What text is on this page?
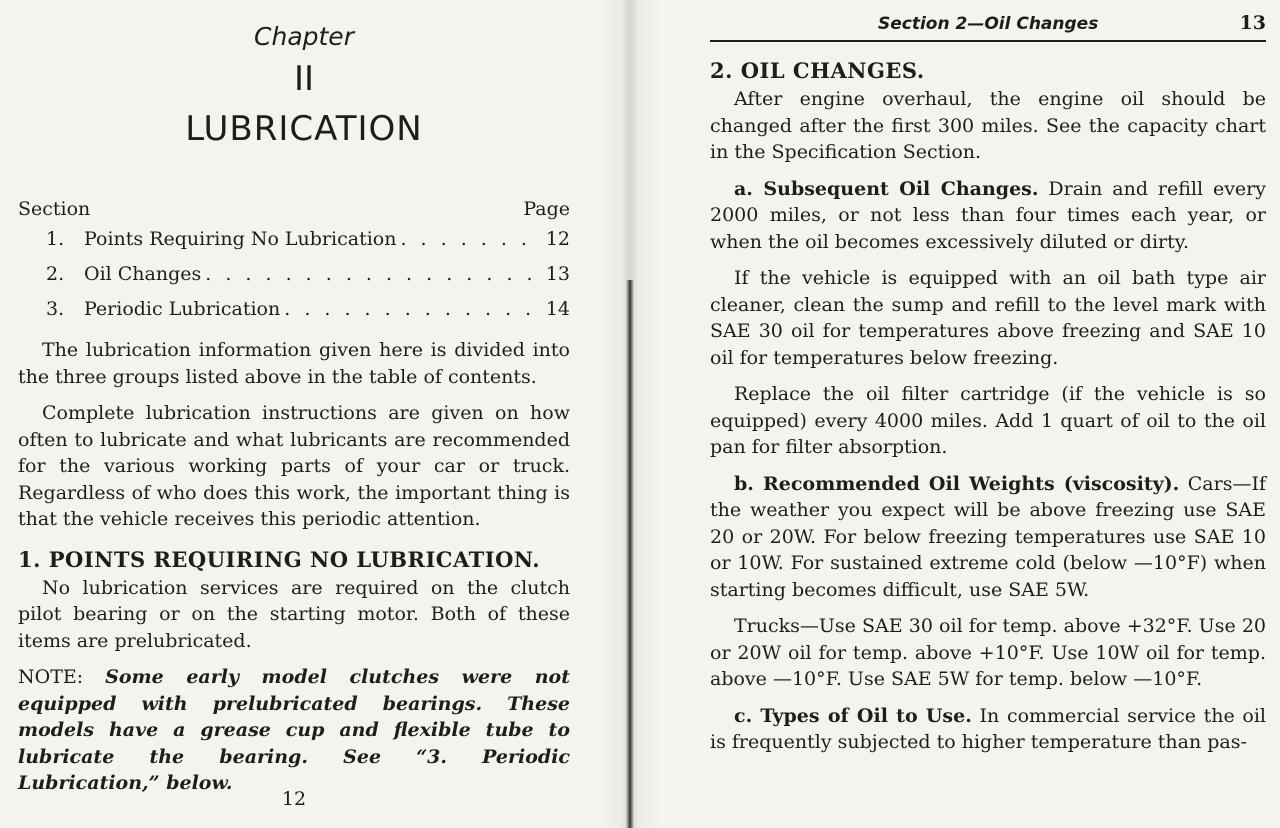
Chapter
II
LUBRICATION
Section	Page
1.	Points Requiring No Lubrication . . .	12
2.	Oil Changes . . .	13
3.	Periodic Lubrication . . .	14

The lubrication information given here is divided into the three groups listed above in the table of contents.

Complete lubrication instructions are given on how often to lubricate and what lubricants are recommended for the various working parts of your car or truck. Regardless of who does this work, the important thing is that the vehicle receives this periodic attention.

1. POINTS REQUIRING NO LUBRICATION.

No lubrication services are required on the clutch pilot bearing or on the starting motor. Both of these items are prelubricated.

NOTE: Some early model clutches were not equipped with prelubricated bearings. These models have a grease cup and flexible tube to lubricate the bearing. See “3. Periodic Lubrication,” below.

12
Section 2—Oil Changes	13
2. OIL CHANGES.

After engine overhaul, the engine oil should be changed after the first 300 miles. See the capacity chart in the Specification Section.

a. Subsequent Oil Changes. Drain and refill every 2000 miles, or not less than four times each year, or when the oil becomes excessively diluted or dirty.

If the vehicle is equipped with an oil bath type air cleaner, clean the sump and refill to the level mark with SAE 30 oil for temperatures above freezing and SAE 10 oil for temperatures below freezing.

Replace the oil filter cartridge (if the vehicle is so equipped) every 4000 miles. Add 1 quart of oil to the oil pan for filter absorption.

b. Recommended Oil Weights (viscosity). Cars—If the weather you expect will be above freezing use SAE 20 or 20W. For below freezing temperatures use SAE 10 or 10W. For sustained extreme cold (below —10°F) when starting becomes difficult, use SAE 5W.

Trucks—Use SAE 30 oil for temp. above +32°F. Use 20 or 20W oil for temp. above +10°F. Use 10W oil for temp. above —10°F. Use SAE 5W for temp. below —10°F.

c. Types of Oil to Use. In commercial service the oil is frequently subjected to higher temperature than pas-
